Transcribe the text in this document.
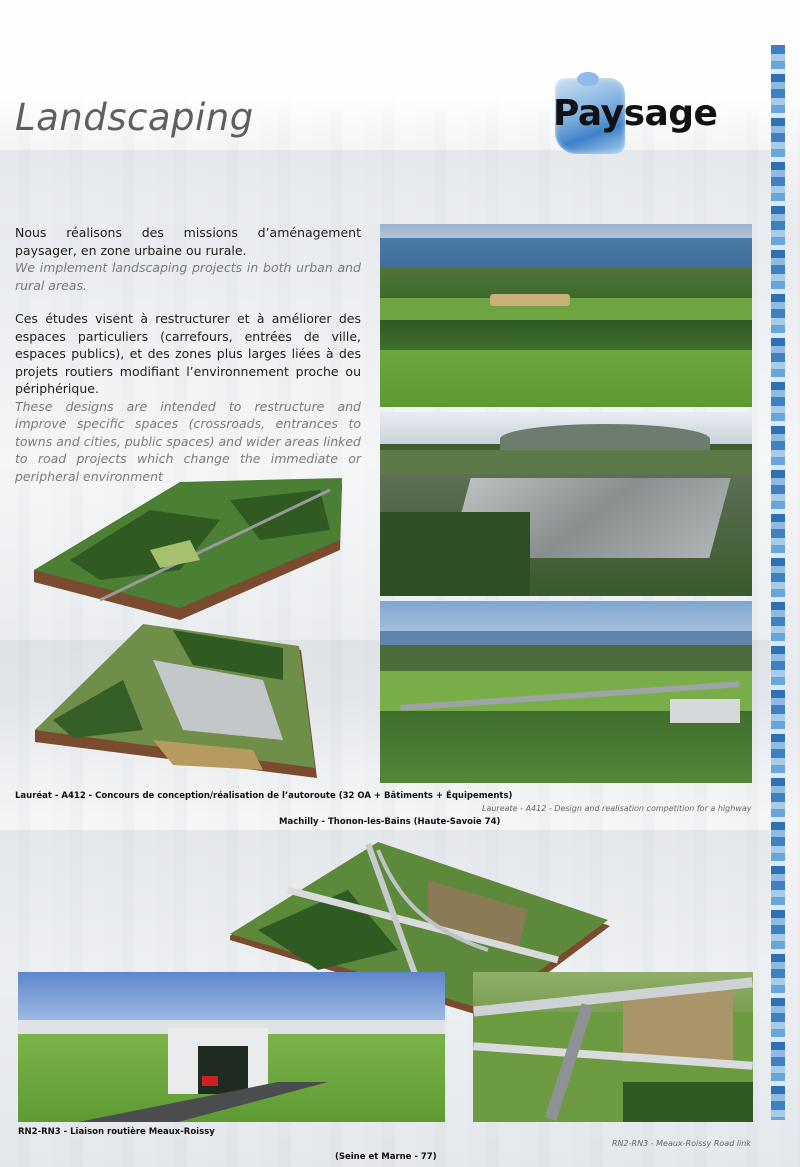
Landscaping	Paysage
Nous réalisons des missions d’aménagement paysager, en zone urbaine ou rurale.
We implement landscaping projects in both urban and rural areas.
Ces études visent à restructurer et à améliorer des espaces particuliers (carrefours, entrées de ville, espaces publics), et des zones plus larges liées à des projets routiers modifiant l’environnement proche ou périphérique.
These designs are intended to restructure and improve specific spaces (crossroads, entrances to towns and cities, public spaces) and wider areas linked to road projects which change the immediate or peripheral environment
Lauréat - A412 - Concours de conception/réalisation de l’autoroute (32 OA + Bâtiments + Équipements)
Laureate - A412 - Design and realisation competition for a highway
Machilly - Thonon-les-Bains (Haute-Savoie 74)
RN2-RN3 - Liaison routière Meaux-Roissy
RN2-RN3 - Meaux-Roissy Road link
(Seine et Marne - 77)
